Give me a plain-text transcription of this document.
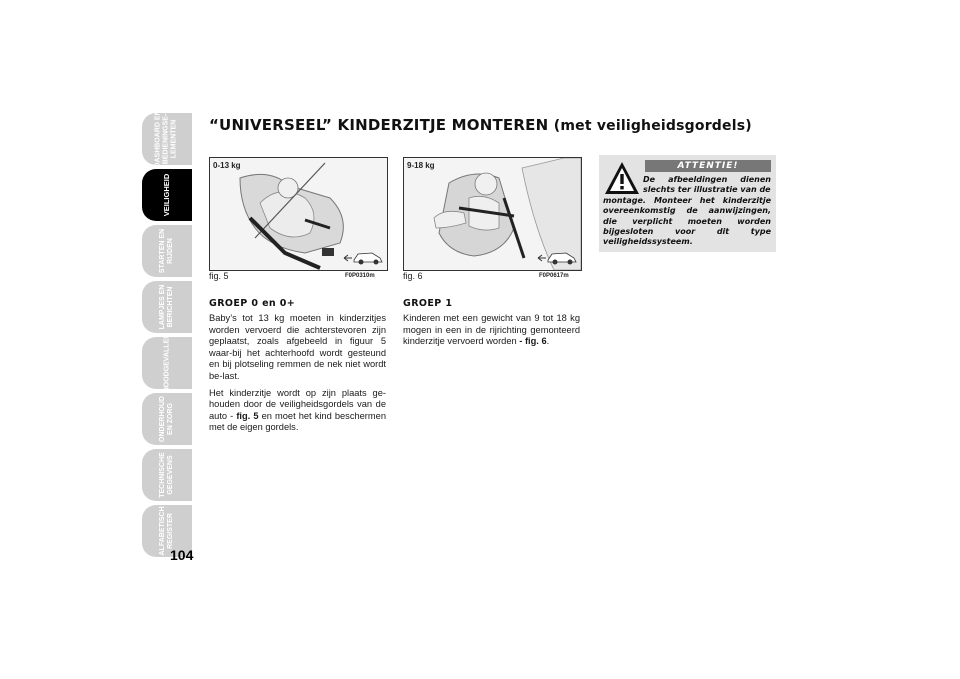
DASHBOARD EN
BEDIENINGSE-
LEMENTEN
VEILIGHEID
STARTEN EN
RIJDEN
LAMPJES EN
BERICHTEN
NOODGEVALLEN
ONDERHOUD
EN ZORG
TECHNISCHE
GEGEVENS
ALFABETISCH
REGISTER
104
“UNIVERSEEL” KINDERZITJE MONTEREN (met veiligheidsgordels)
0-13 kg
fig. 5	F0P0310m
9-18 kg
fig. 6	F0P0617m
GROEP 0 en 0+

Baby’s tot 13 kg moeten in kinderzitjes worden vervoerd die achterstevoren zijn geplaatst, zoals afgebeeld in figuur 5 waar-bij het achterhoofd wordt gesteund en bij plotseling remmen de nek niet wordt be-last.

Het kinderzitje wordt op zijn plaats ge-houden door de veiligheidsgordels van de auto - fig. 5 en moet het kind beschermen met de eigen gordels.

GROEP 1

Kinderen met een gewicht van 9 tot 18 kg mogen in een in de rijrichting gemonteerd kinderzitje vervoerd worden - fig. 6.

ATTENTIE!
De afbeeldingen dienen slechts ter illustratie van de
montage. Monteer het kinderzitje overeenkomstig de aanwijzingen, die verplicht moeten worden bijgesloten voor dit type veiligheidssysteem.
